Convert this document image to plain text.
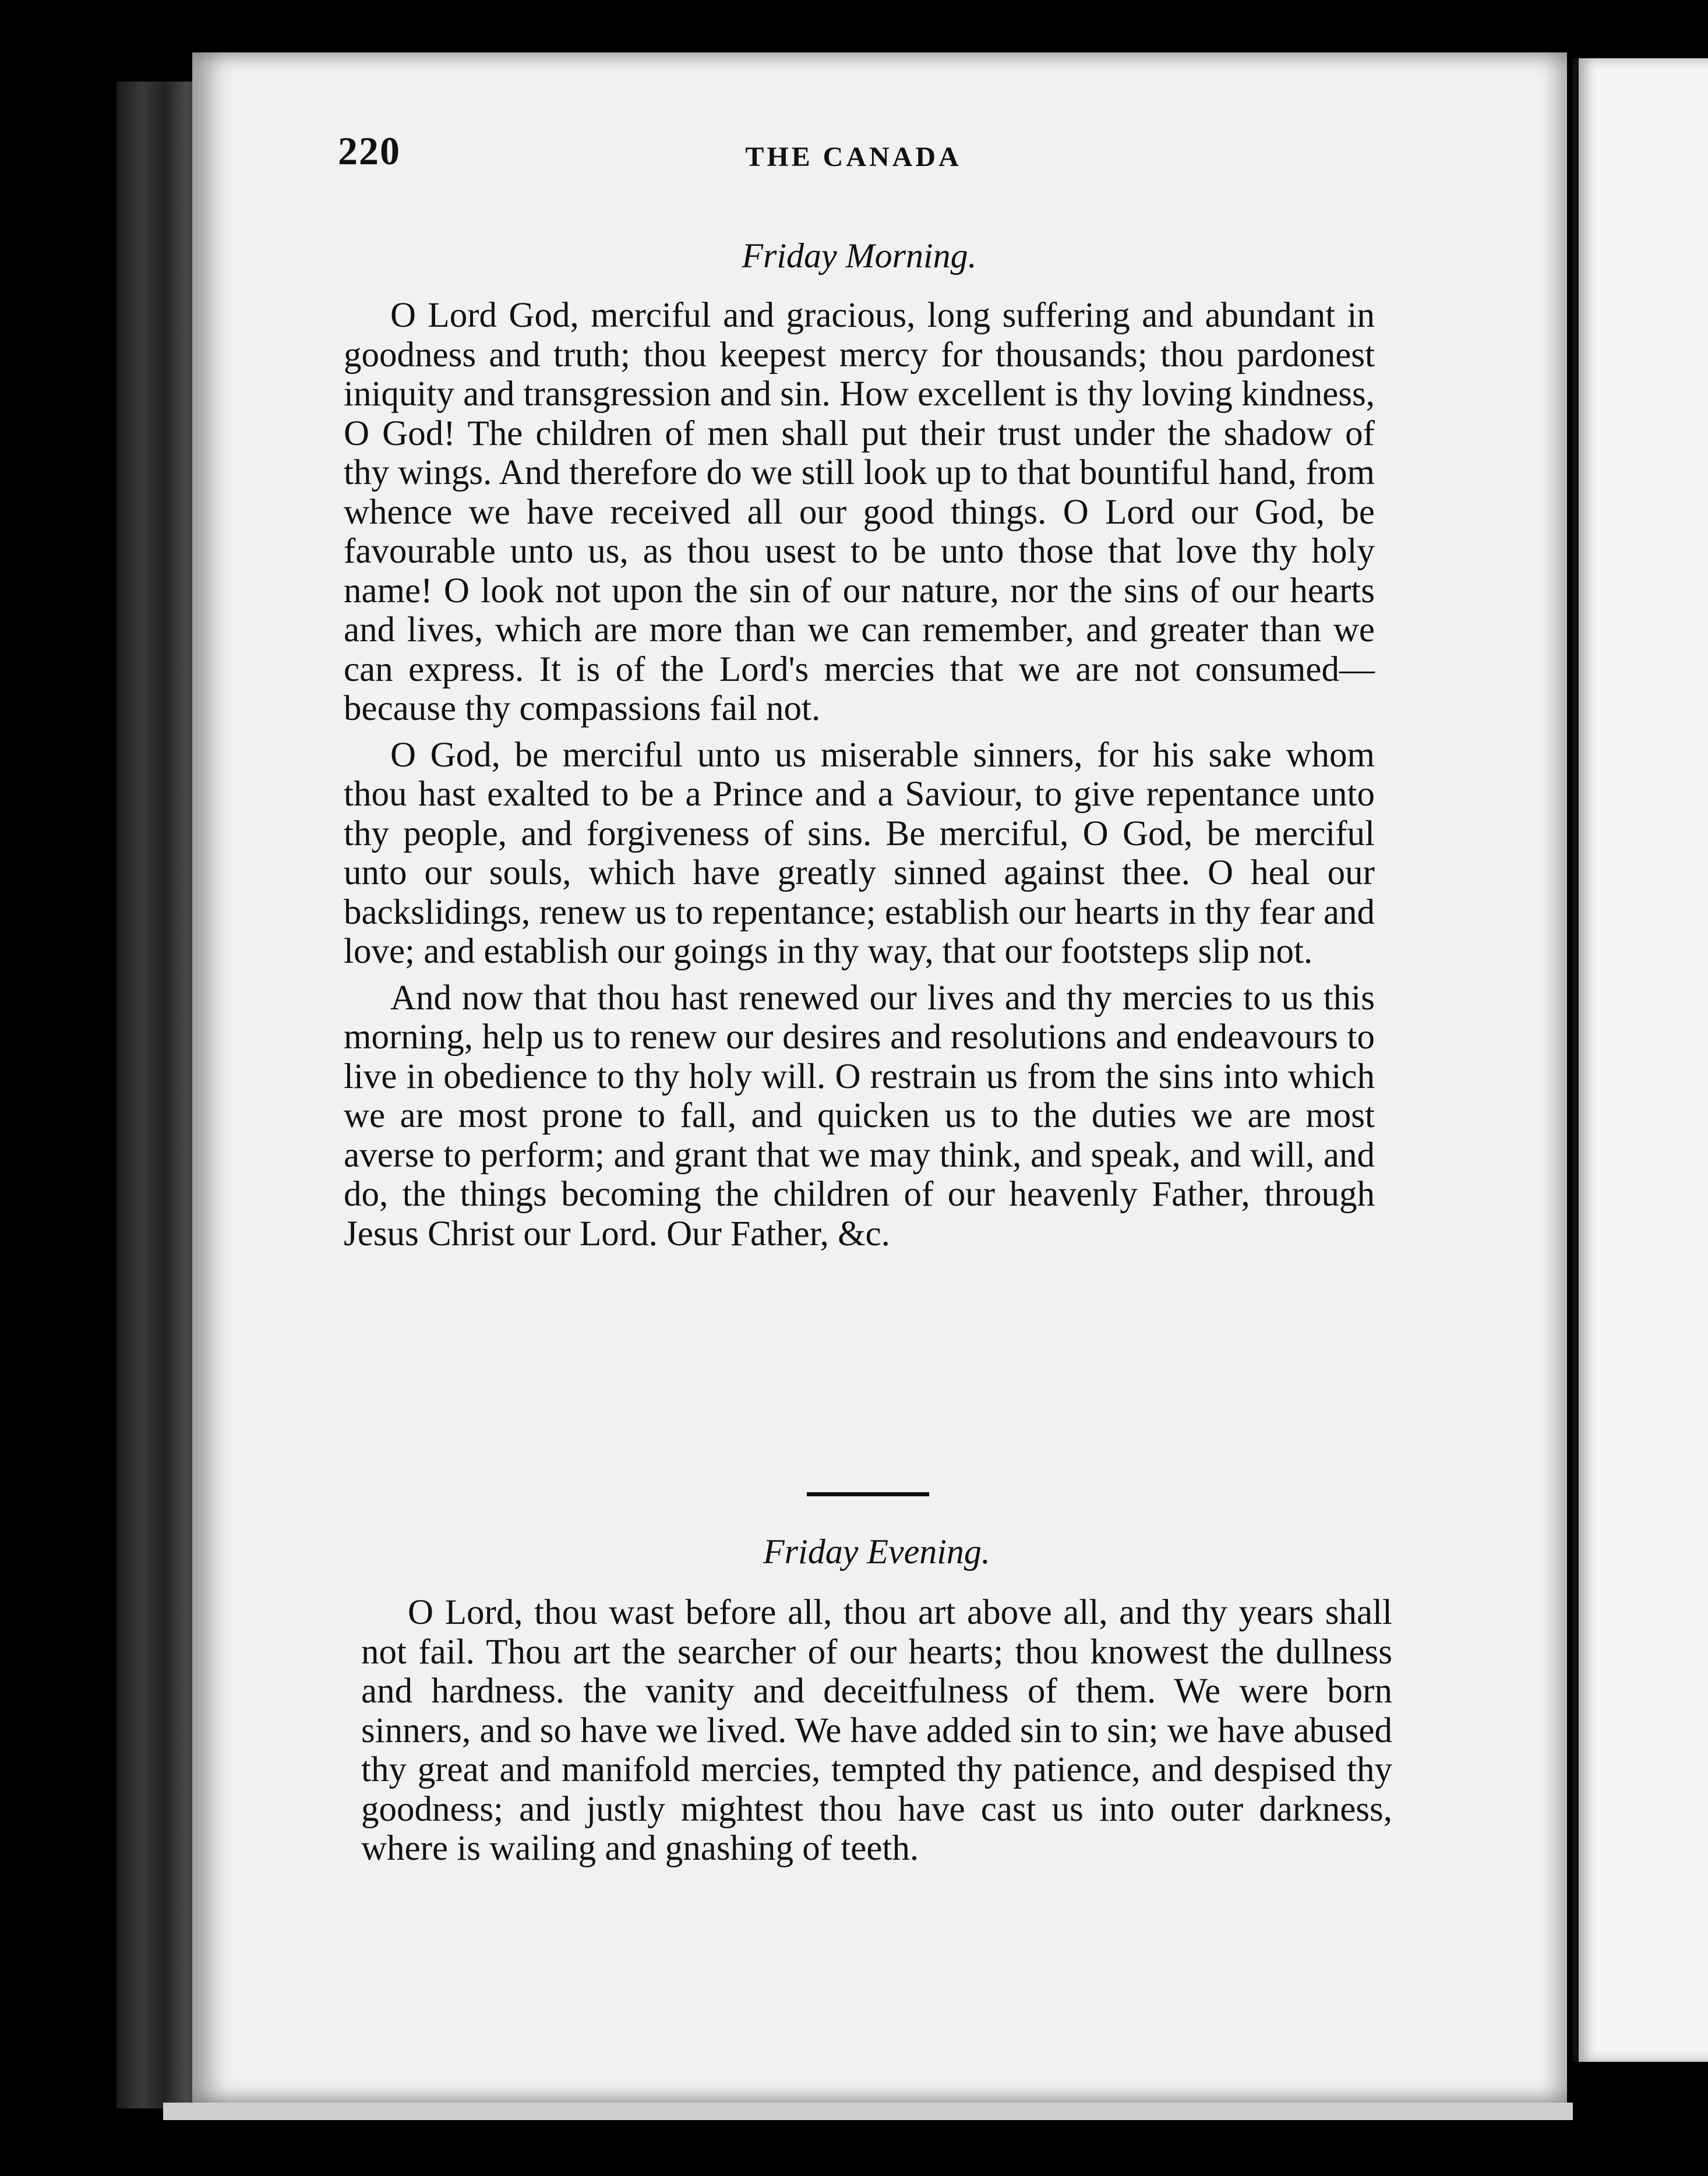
220	THE CANADA
Friday Morning.

O Lord God, merciful and gracious, long suffering and abundant in goodness and truth; thou keepest mercy for thousands; thou pardonest iniquity and transgression and sin. How excellent is thy loving kindness, O God! The children of men shall put their trust under the shadow of thy wings. And therefore do we still look up to that bountiful hand, from whence we have received all our good things. O Lord our God, be favourable unto us, as thou usest to be unto those that love thy holy name! O look not upon the sin of our nature, nor the sins of our hearts and lives, which are more than we can remember, and greater than we can express. It is of the Lord's mercies that we are not consumed—because thy compassions fail not.

O God, be merciful unto us miserable sinners, for his sake whom thou hast exalted to be a Prince and a Saviour, to give repentance unto thy people, and forgiveness of sins. Be merciful, O God, be merciful unto our souls, which have greatly sinned against thee. O heal our backslidings, renew us to repentance; establish our hearts in thy fear and love; and establish our goings in thy way, that our footsteps slip not.

And now that thou hast renewed our lives and thy mercies to us this morning, help us to renew our desires and resolutions and endeavours to live in obedience to thy holy will. O restrain us from the sins into which we are most prone to fall, and quicken us to the duties we are most averse to perform; and grant that we may think, and speak, and will, and do, the things becoming the children of our heavenly Father, through Jesus Christ our Lord. Our Father, &c.

Friday Evening.

O Lord, thou wast before all, thou art above all, and thy years shall not fail. Thou art the searcher of our hearts; thou knowest the dullness and hardness. the vanity and deceitfulness of them. We were born sinners, and so have we lived. We have added sin to sin; we have abused thy great and manifold mercies, tempted thy patience, and despised thy goodness; and justly mightest thou have cast us into outer darkness, where is wailing and gnashing of teeth.
